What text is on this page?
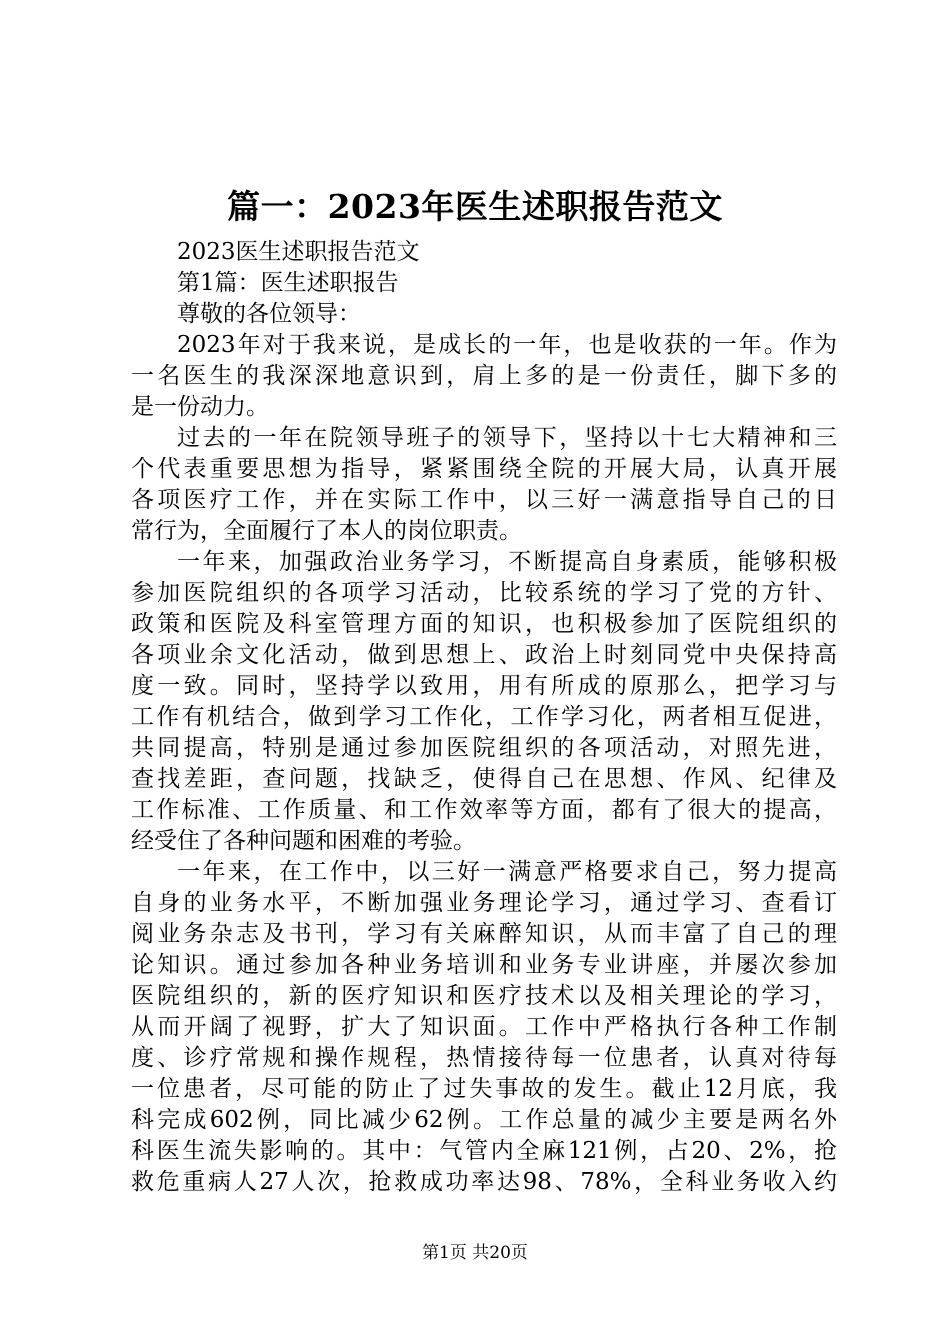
篇一：2023年医生述职报告范文
2023医生述职报告范文
第1篇：医生述职报告
尊敬的各位领导：
2023年对于我来说，是成长的一年，也是收获的一年。作为
一名医生的我深深地意识到，肩上多的是一份责任，脚下多的
是一份动力。
过去的一年在院领导班子的领导下，坚持以十七大精神和三
个代表重要思想为指导，紧紧围绕全院的开展大局，认真开展
各项医疗工作，并在实际工作中，以三好一满意指导自己的日
常行为，全面履行了本人的岗位职责。
一年来，加强政治业务学习，不断提高自身素质，能够积极
参加医院组织的各项学习活动，比较系统的学习了党的方针、
政策和医院及科室管理方面的知识，也积极参加了医院组织的
各项业余文化活动，做到思想上、政治上时刻同党中央保持高
度一致。同时，坚持学以致用，用有所成的原那么，把学习与
工作有机结合，做到学习工作化，工作学习化，两者相互促进，
共同提高，特别是通过参加医院组织的各项活动，对照先进，
查找差距，查问题，找缺乏，使得自己在思想、作风、纪律及
工作标准、工作质量、和工作效率等方面，都有了很大的提高，
经受住了各种问题和困难的考验。
一年来，在工作中，以三好一满意严格要求自己，努力提高
自身的业务水平，不断加强业务理论学习，通过学习、查看订
阅业务杂志及书刊，学习有关麻醉知识，从而丰富了自己的理
论知识。通过参加各种业务培训和业务专业讲座，并屡次参加
医院组织的，新的医疗知识和医疗技术以及相关理论的学习，
从而开阔了视野，扩大了知识面。工作中严格执行各种工作制
度、诊疗常规和操作规程，热情接待每一位患者，认真对待每
一位患者，尽可能的防止了过失事故的发生。截止12月底，我
科完成602例，同比减少62例。工作总量的减少主要是两名外
科医生流失影响的。其中：气管内全麻121例，占20、2%，抢
救危重病人27人次，抢救成功率达98、78%，全科业务收入约
第1页 共20页
